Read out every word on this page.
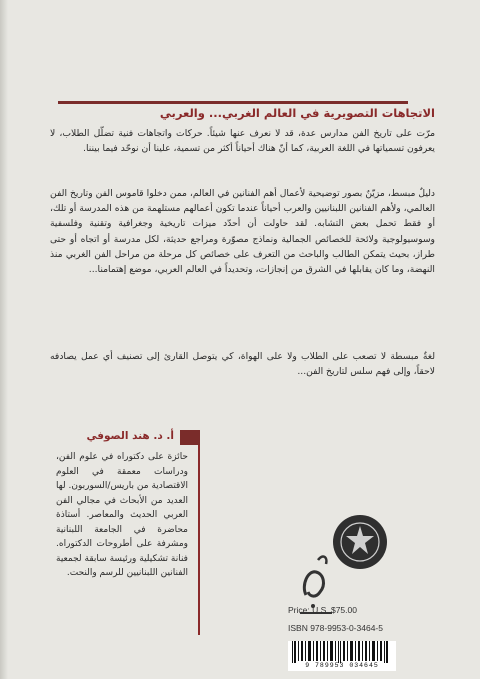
الاتجاهات التصويرية في العالم الغربي... والعربي

مرّت على تاريخ الفن مدارس عدة، قد لا نعرف عنها شيئاً. حركات واتجاهات فنية تضلّل الطلاب، لا يعرفون تسمياتها في اللغة العربية، كما أنّ هناك أحياناً أكثر من تسمية، علينا أن نوحّد فيما بيننا.

دليلٌ مبسط، مزيّنٌ بصور توضيحية لأعمال أهم الفنانين في العالم، ممن دخلوا قاموس الفن وتاريخ الفن العالمي، ولأهم الفنانين اللبنانيين والعرب أحياناً عندما تكون أعمالهم مستلهمة من هذه المدرسة أو تلك، أو فقط تحمل بعض التشابه. لقد حاولت أن أحدّد ميزات تاريخية وجغرافية وتقنية وفلسفية وسوسيولوجية ولائحة للخصائص الجمالية ونماذج مصوّرة ومراجع حديثة، لكل مدرسة أو اتجاه أو حتى طراز، بحيث يتمكن الطالب والباحث من التعرف على خصائص كل مرحلة من مراحل الفن الغربي منذ النهضة، وما كان يقابلها في الشرق من إنجازات، وتحديداً في العالم العربي، موضع إهتمامنا...

لغةٌ مبسطة لا تصعب على الطلاب ولا على الهواة، كي يتوصل القارئ إلى تصنيف أي عمل يصادفه لاحقاً، وإلى فهم سلس لتاريخ الفن...

أ. د. هند الصوفي

حائزة على دكتوراه في علوم الفن، ودراسات معمقة في العلوم الاقتصادية من باريس/السوربون. لها العديد من الأبحاث في مجالي الفن العربي الحديث والمعاصر. أستاذة محاضرة في الجامعة اللبنانية ومشرفة على أطروحات الدكتوراه. فنانة تشكيلية ورئيسة سابقة لجمعية الفنانين اللبنانيين للرسم والنحت.

Price: U.S. $75.00
ISBN 978-9953-0-3464-5
9 789953 034645
